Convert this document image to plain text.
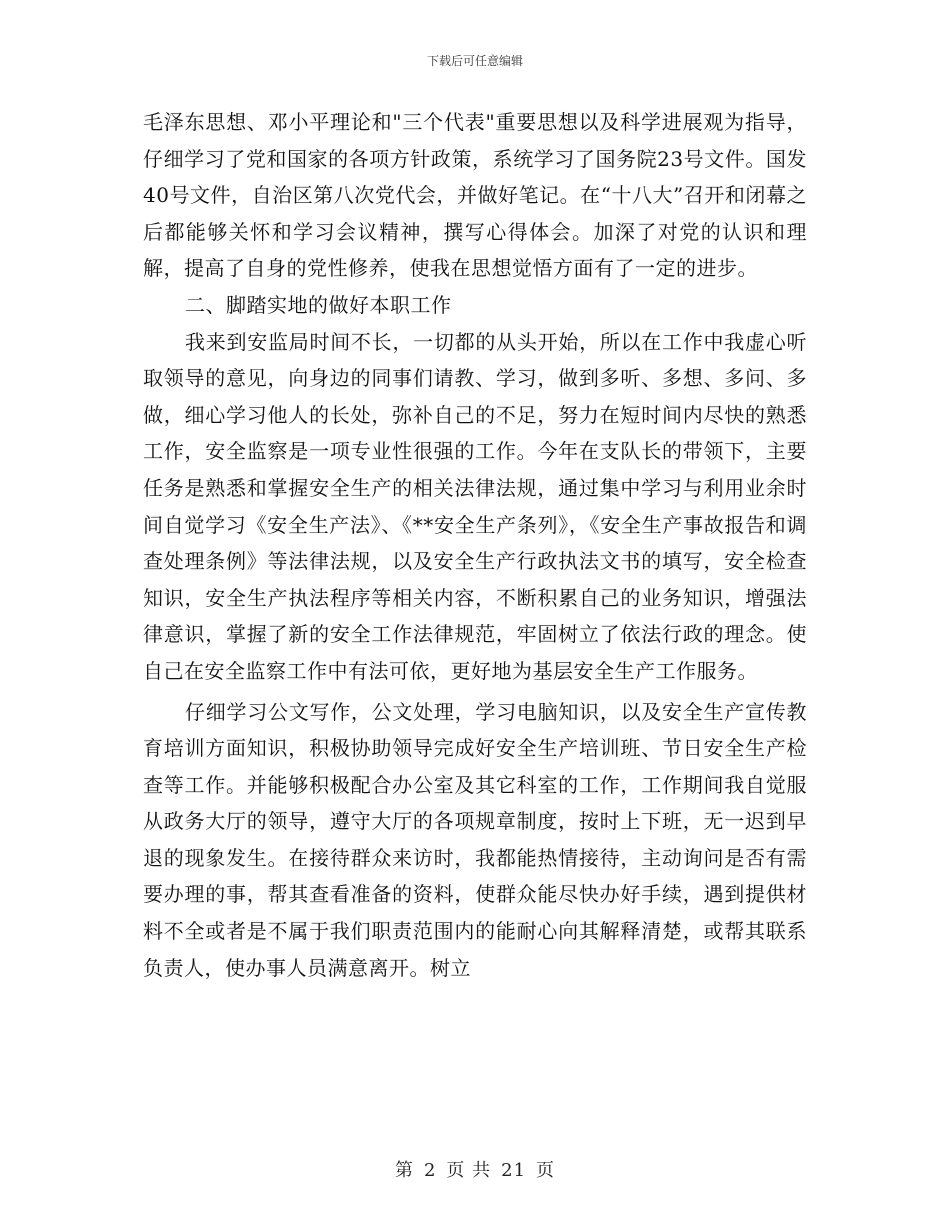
下载后可任意编辑

毛泽东思想、邓小平理论和"三个代表"重要思想以及科学进展观为指导，仔细学习了党和国家的各项方针政策，系统学习了国务院23号文件。国发40号文件，自治区第八次党代会，并做好笔记。在“十八大”召开和闭幕之后都能够关怀和学习会议精神，撰写心得体会。加深了对党的认识和理解，提高了自身的党性修养，使我在思想觉悟方面有了一定的进步。

二、脚踏实地的做好本职工作

我来到安监局时间不长，一切都的从头开始，所以在工作中我虚心听取领导的意见，向身边的同事们请教、学习，做到多听、多想、多问、多做，细心学习他人的长处，弥补自己的不足，努力在短时间内尽快的熟悉工作，安全监察是一项专业性很强的工作。今年在支队长的带领下，主要任务是熟悉和掌握安全生产的相关法律法规，通过集中学习与利用业余时间自觉学习《安全生产法》、《**安全生产条列》，《安全生产事故报告和调查处理条例》等法律法规，以及安全生产行政执法文书的填写，安全检查知识，安全生产执法程序等相关内容，不断积累自己的业务知识，增强法律意识，掌握了新的安全工作法律规范，牢固树立了依法行政的理念。使自己在安全监察工作中有法可依，更好地为基层安全生产工作服务。

仔细学习公文写作，公文处理，学习电脑知识，以及安全生产宣传教育培训方面知识，积极协助领导完成好安全生产培训班、节日安全生产检查等工作。并能够积极配合办公室及其它科室的工作，工作期间我自觉服从政务大厅的领导，遵守大厅的各项规章制度，按时上下班，无一迟到早退的现象发生。在接待群众来访时，我都能热情接待，主动询问是否有需要办理的事，帮其查看准备的资料，使群众能尽快办好手续，遇到提供材料不全或者是不属于我们职责范围内的能耐心向其解释清楚，或帮其联系负责人，使办事人员满意离开。树立

第 2 页 共 21 页
